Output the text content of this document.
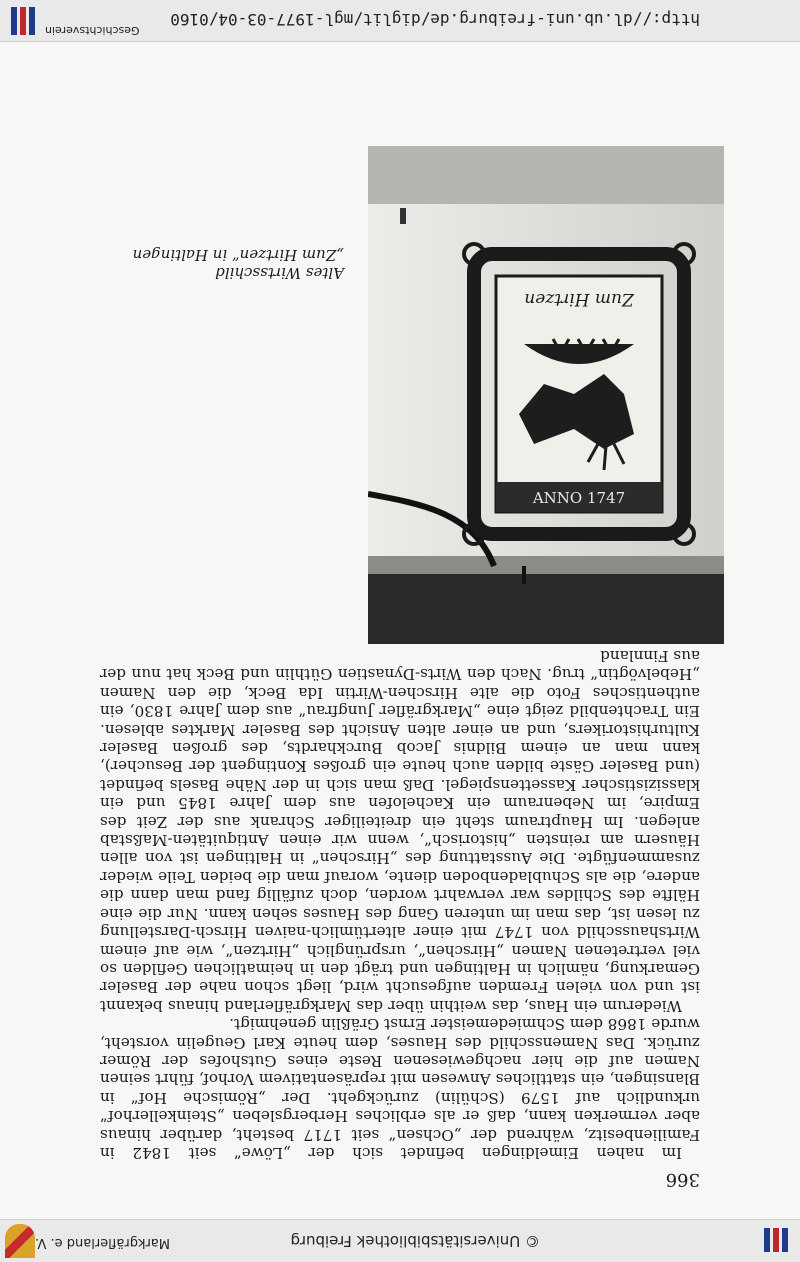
© Universitätsbibliothek Freiburg
Markgräflerland e. V.
366

Im nahen Eimeldingen befindet sich der „Löwe“ seit 1842 in Familienbesitz, während der „Ochsen“ seit 1717 besteht, darüber hinaus aber vermerken kann, daß er als erbliches Herbergsleben „Steinkellerhof“ urkundlich auf 1579 (Schülin) zurückgeht. Der „Römische Hof“ in Blansingen, ein stattliches Anwesen mit repräsentativem Vorhof, führt seinen Namen auf die hier nachgewiesenen Reste eines Gutshofes der Römer zurück. Das Namensschild des Hauses, dem heute Karl Geugelin vorsteht, wurde 1868 dem Schmiedemeister Ernst Gräßlin genehmigt.

Wiederum ein Haus, das weithin über das Markgräflerland hinaus bekannt ist und von vielen Fremden aufgesucht wird, liegt schon nahe der Baseler Gemarkung, nämlich in Haltingen und trägt den in heimatlichen Gefilden so viel vertretenen Namen „Hirschen“, ursprünglich „Hirtzen“, wie auf einem Wirtshausschild von 1747 mit einer altertümlich-naiven Hirsch-Darstellung zu lesen ist, das man im unteren Gang des Hauses sehen kann. Nur die eine Hälfte des Schildes war verwahrt worden, doch zufällig fand man dann die andere, die als Schubladenboden diente, worauf man die beiden Teile wieder zusammenfügte. Die Ausstattung des „Hirschen“ in Haltingen ist von allen Häusern am reinsten „historisch“, wenn wir einen Antiquitäten-Maßstab anlegen. Im Hauptraum steht ein dreiteiliger Schrank aus der Zeit des Empire, im Nebenraum ein Kachelofen aus dem Jahre 1845 und ein klassizistischer Kassettenspiegel. Daß man sich in der Nähe Basels befindet (und Baseler Gäste bilden auch heute ein großes Kontingent der Besucher), kann man an einem Bildnis Jacob Burckhardts, des großen Baseler Kulturhistorikers, und an einer alten Ansicht des Baseler Marktes ablesen. Ein Trachtenbild zeigt eine „Markgräfler Jungfrau“ aus dem Jahre 1830, ein authentisches Foto die alte Hirschen-Wirtin Ida Beck, die den Namen „Hebelvögtin“ trug. Nach den Wirts-Dynastien Güthlin und Beck hat nun der aus Finnland

ANNO 1747
Zum Hirtzen
Altes Wirtsschild
„Zum Hirtzen“ in Haltingen
http://dl.ub.uni-freiburg.de/diglit/mgl-1977-03-04/0160
Geschichtsverein
